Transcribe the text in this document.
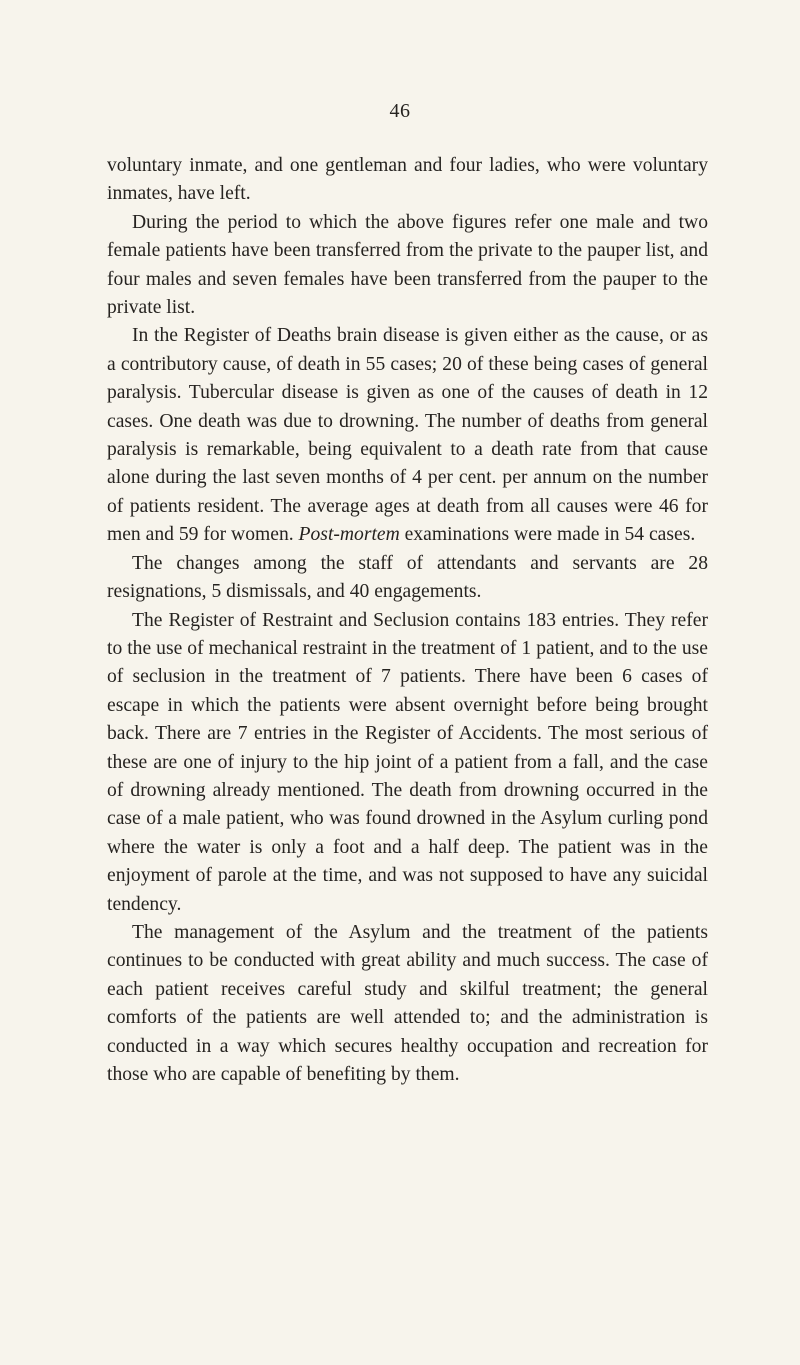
46

voluntary inmate, and one gentleman and four ladies, who were voluntary inmates, have left.

During the period to which the above figures refer one male and two female patients have been transferred from the private to the pauper list, and four males and seven females have been transferred from the pauper to the private list.

In the Register of Deaths brain disease is given either as the cause, or as a contributory cause, of death in 55 cases; 20 of these being cases of general paralysis. Tubercular disease is given as one of the causes of death in 12 cases. One death was due to drowning. The number of deaths from general paralysis is remarkable, being equivalent to a death rate from that cause alone during the last seven months of 4 per cent. per annum on the number of patients resident. The average ages at death from all causes were 46 for men and 59 for women. Post-mortem examinations were made in 54 cases.

The changes among the staff of attendants and servants are 28 resignations, 5 dismissals, and 40 engagements.

The Register of Restraint and Seclusion contains 183 entries. They refer to the use of mechanical restraint in the treatment of 1 patient, and to the use of seclusion in the treatment of 7 patients. There have been 6 cases of escape in which the patients were absent overnight before being brought back. There are 7 entries in the Register of Accidents. The most serious of these are one of injury to the hip joint of a patient from a fall, and the case of drowning already mentioned. The death from drowning occurred in the case of a male patient, who was found drowned in the Asylum curling pond where the water is only a foot and a half deep. The patient was in the enjoyment of parole at the time, and was not supposed to have any suicidal tendency.

The management of the Asylum and the treatment of the patients continues to be conducted with great ability and much success. The case of each patient receives careful study and skilful treatment; the general comforts of the patients are well attended to; and the administration is conducted in a way which secures healthy occupation and recreation for those who are capable of benefiting by them.
